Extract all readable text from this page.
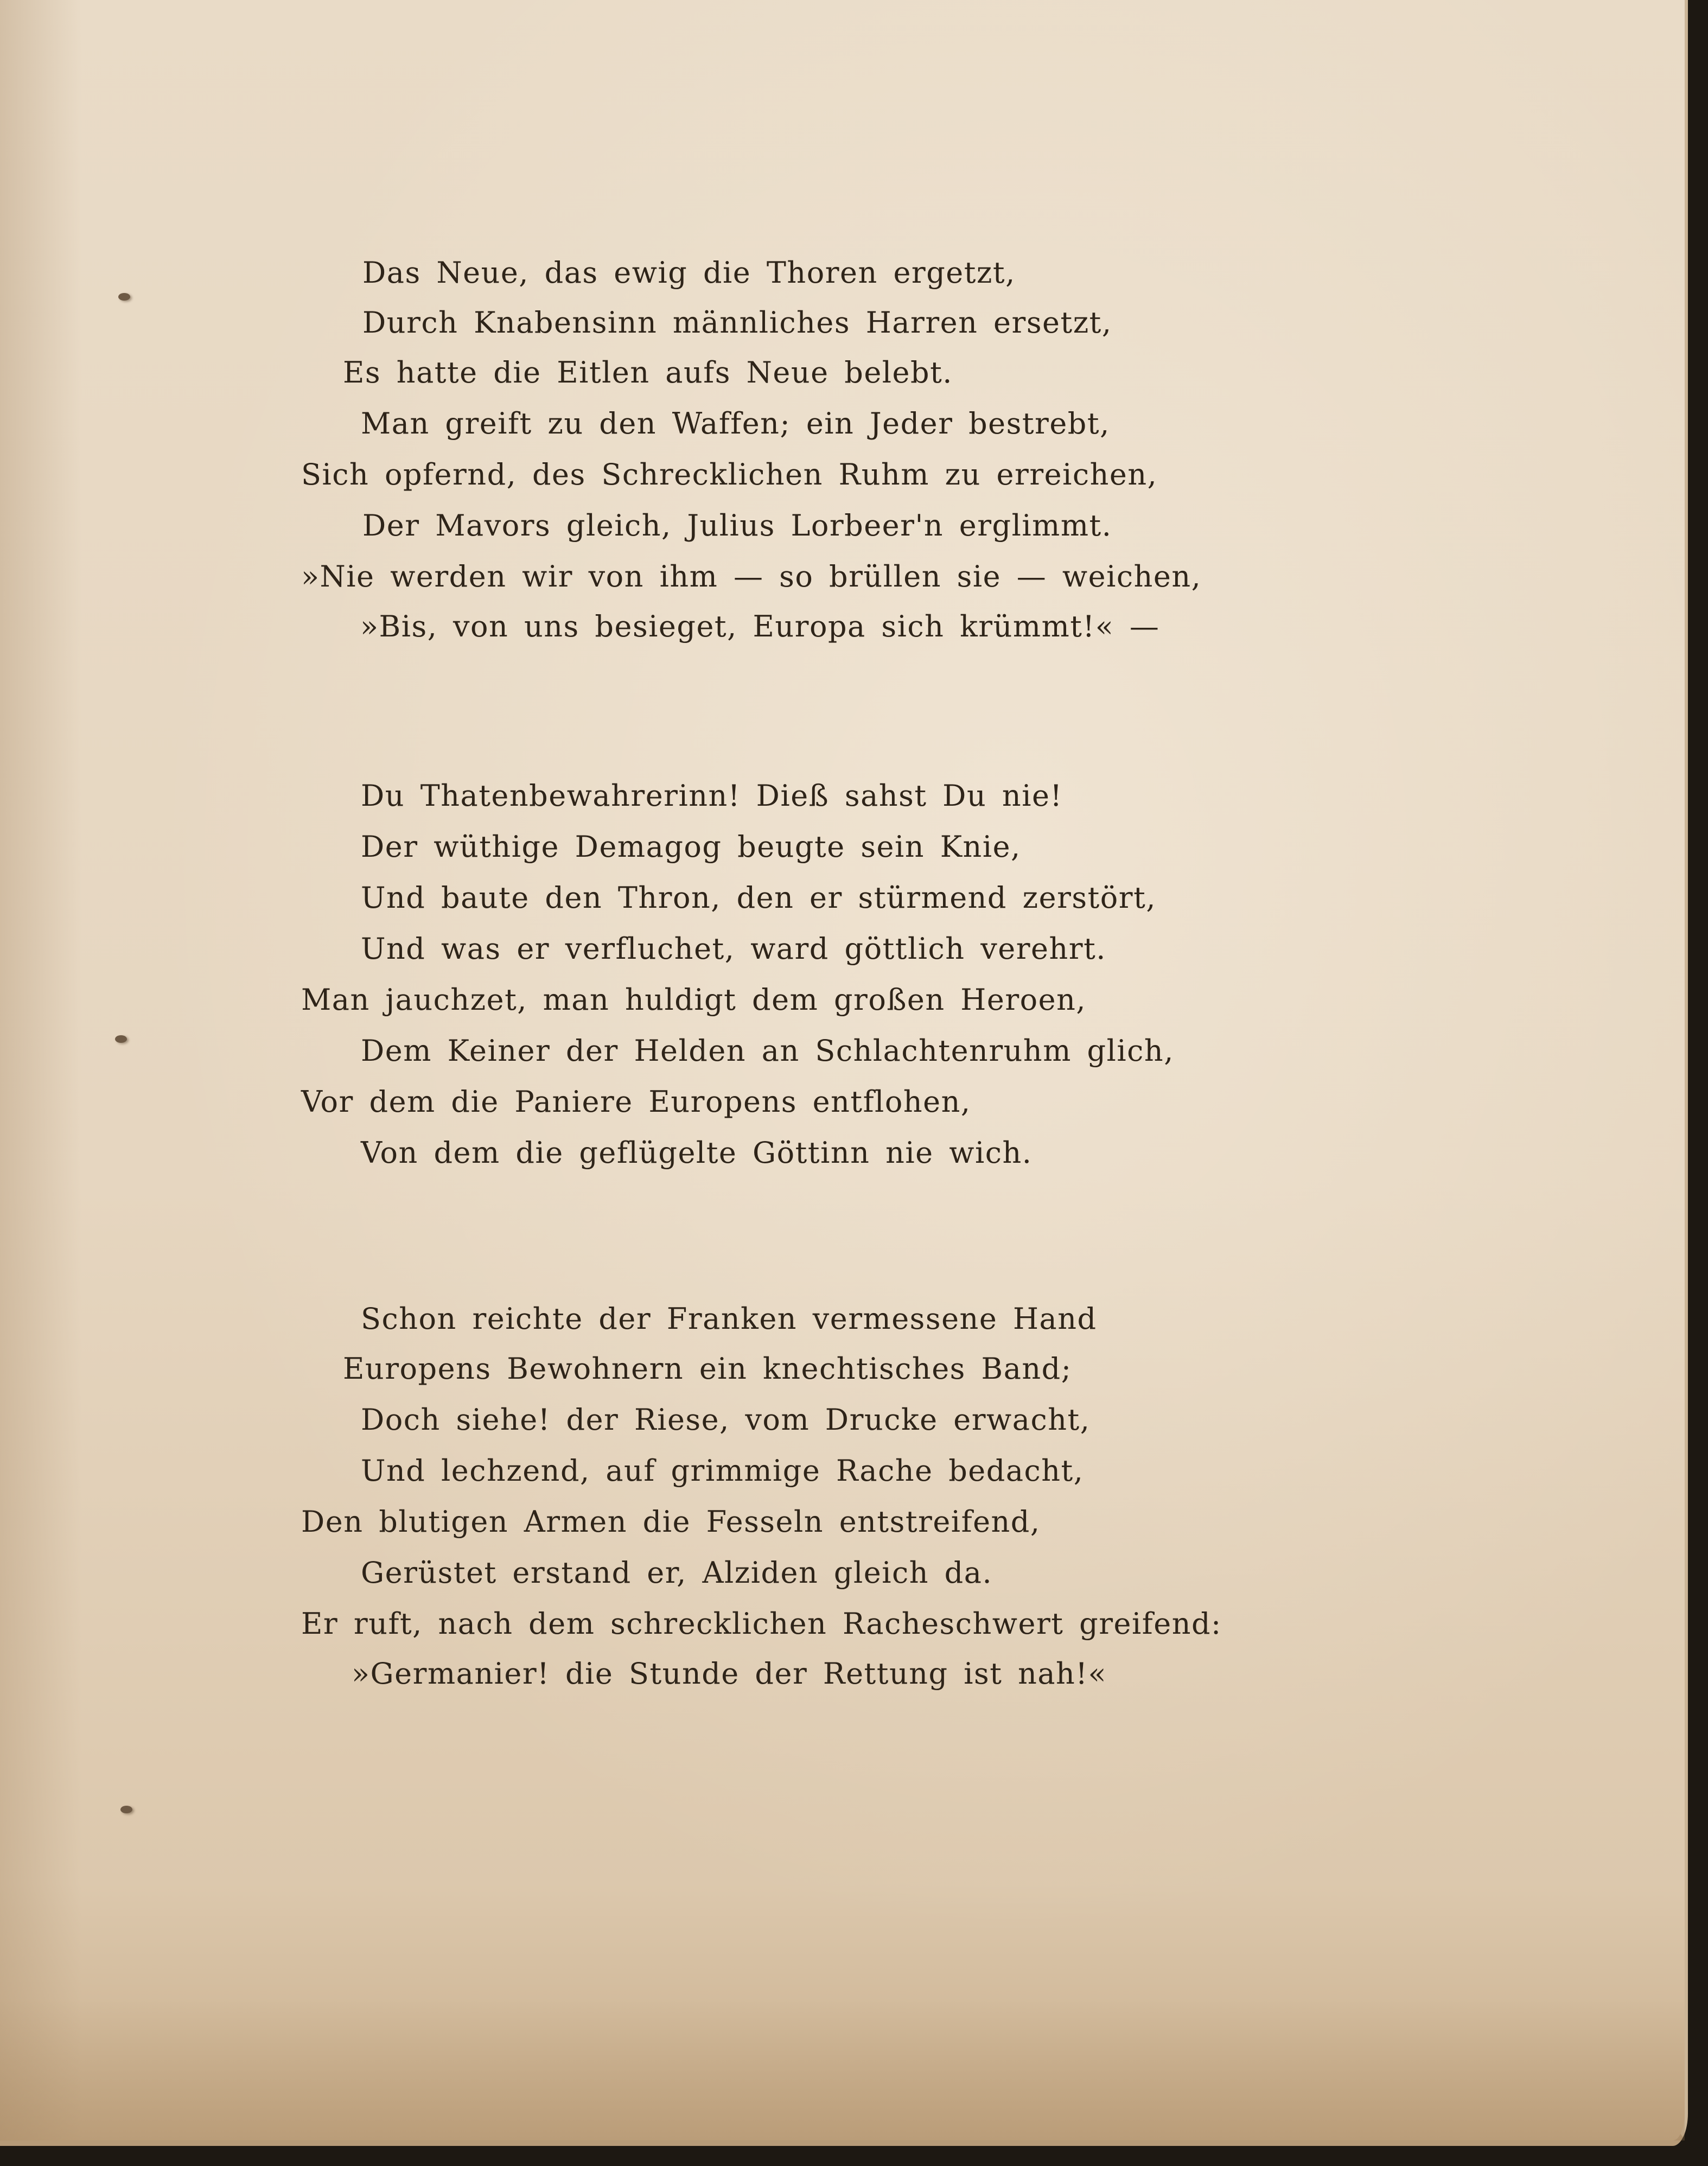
Das Neue, das ewig die Thoren ergetzt,
Durch Knabensinn männliches Harren ersetzt,
Es hatte die Eitlen aufs Neue belebt.
Man greift zu den Waffen; ein Jeder bestrebt,
Sich opfernd, des Schrecklichen Ruhm zu erreichen,
Der Mavors gleich, Julius Lorbeer'n erglimmt.
»Nie werden wir von ihm — so brüllen sie — weichen,
»Bis, von uns besieget, Europa sich krümmt!« —
Du Thatenbewahrerinn! Dieß sahst Du nie!
Der wüthige Demagog beugte sein Knie,
Und baute den Thron, den er stürmend zerstört,
Und was er verfluchet, ward göttlich verehrt.
Man jauchzet, man huldigt dem großen Heroen,
Dem Keiner der Helden an Schlachtenruhm glich,
Vor dem die Paniere Europens entflohen,
Von dem die geflügelte Göttinn nie wich.
Schon reichte der Franken vermessene Hand
Europens Bewohnern ein knechtisches Band;
Doch siehe! der Riese, vom Drucke erwacht,
Und lechzend, auf grimmige Rache bedacht,
Den blutigen Armen die Fesseln entstreifend,
Gerüstet erstand er, Alziden gleich da.
Er ruft, nach dem schrecklichen Racheschwert greifend:
»Germanier! die Stunde der Rettung ist nah!«
